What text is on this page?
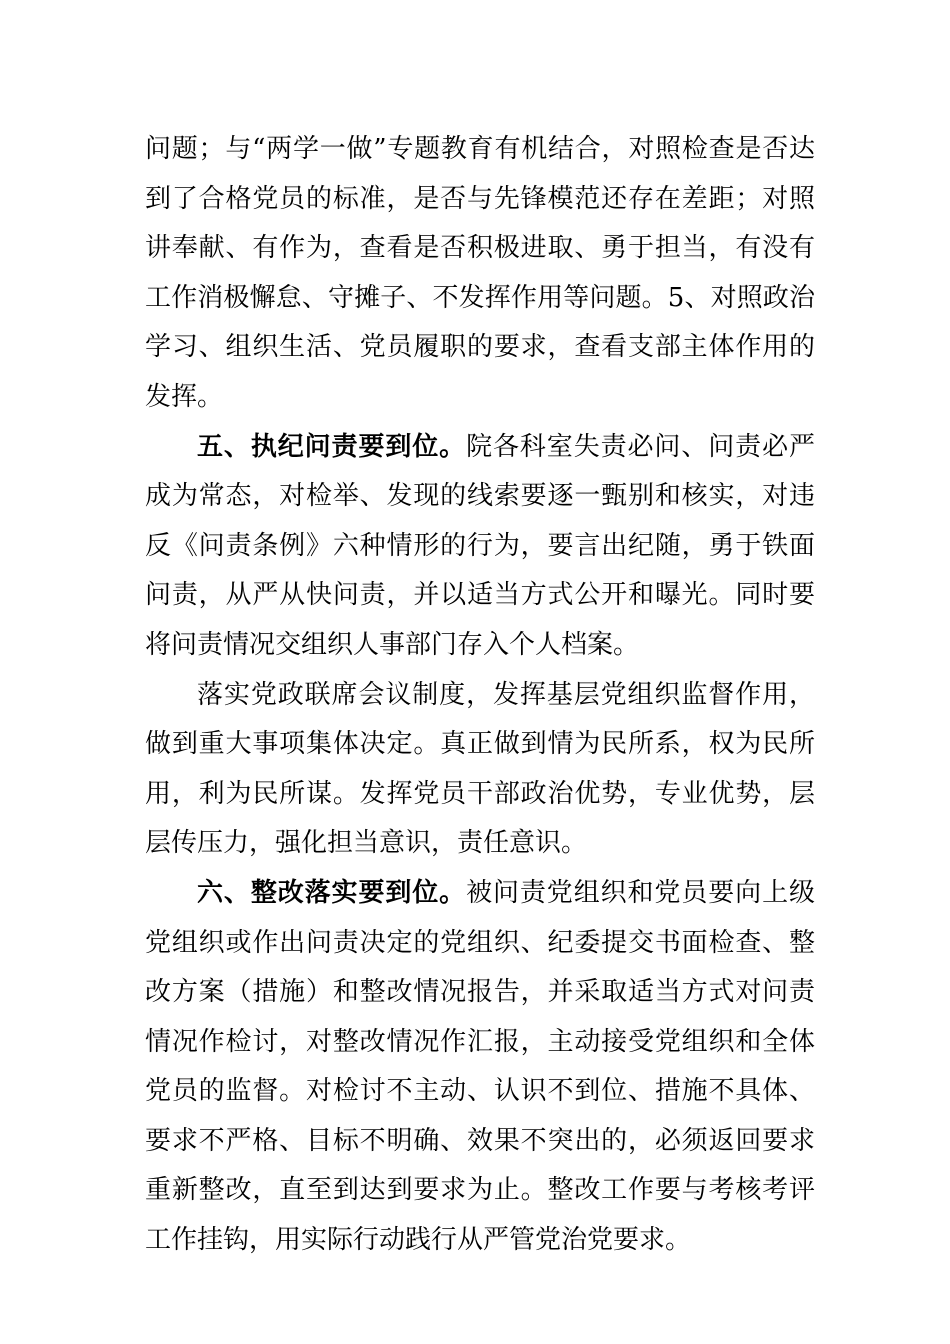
问题；与“两学一做”专题教育有机结合，对照检查是否达到了合格党员的标准，是否与先锋模范还存在差距；对照讲奉献、有作为，查看是否积极进取、勇于担当，有没有工作消极懈怠、守摊子、不发挥作用等问题。5、对照政治学习、组织生活、党员履职的要求，查看支部主体作用的发挥。

五、执纪问责要到位。院各科室失责必问、问责必严成为常态，对检举、发现的线索要逐一甄别和核实，对违反《问责条例》六种情形的行为，要言出纪随，勇于铁面问责，从严从快问责，并以适当方式公开和曝光。同时要将问责情况交组织人事部门存入个人档案。

落实党政联席会议制度，发挥基层党组织监督作用，做到重大事项集体决定。真正做到情为民所系，权为民所用，利为民所谋。发挥党员干部政治优势，专业优势，层层传压力，强化担当意识，责任意识。

六、整改落实要到位。被问责党组织和党员要向上级党组织或作出问责决定的党组织、纪委提交书面检查、整改方案（措施）和整改情况报告，并采取适当方式对问责情况作检讨，对整改情况作汇报，主动接受党组织和全体党员的监督。对检讨不主动、认识不到位、措施不具体、要求不严格、目标不明确、效果不突出的，必须返回要求重新整改，直至到达到要求为止。整改工作要与考核考评工作挂钩，用实际行动践行从严管党治党要求。
